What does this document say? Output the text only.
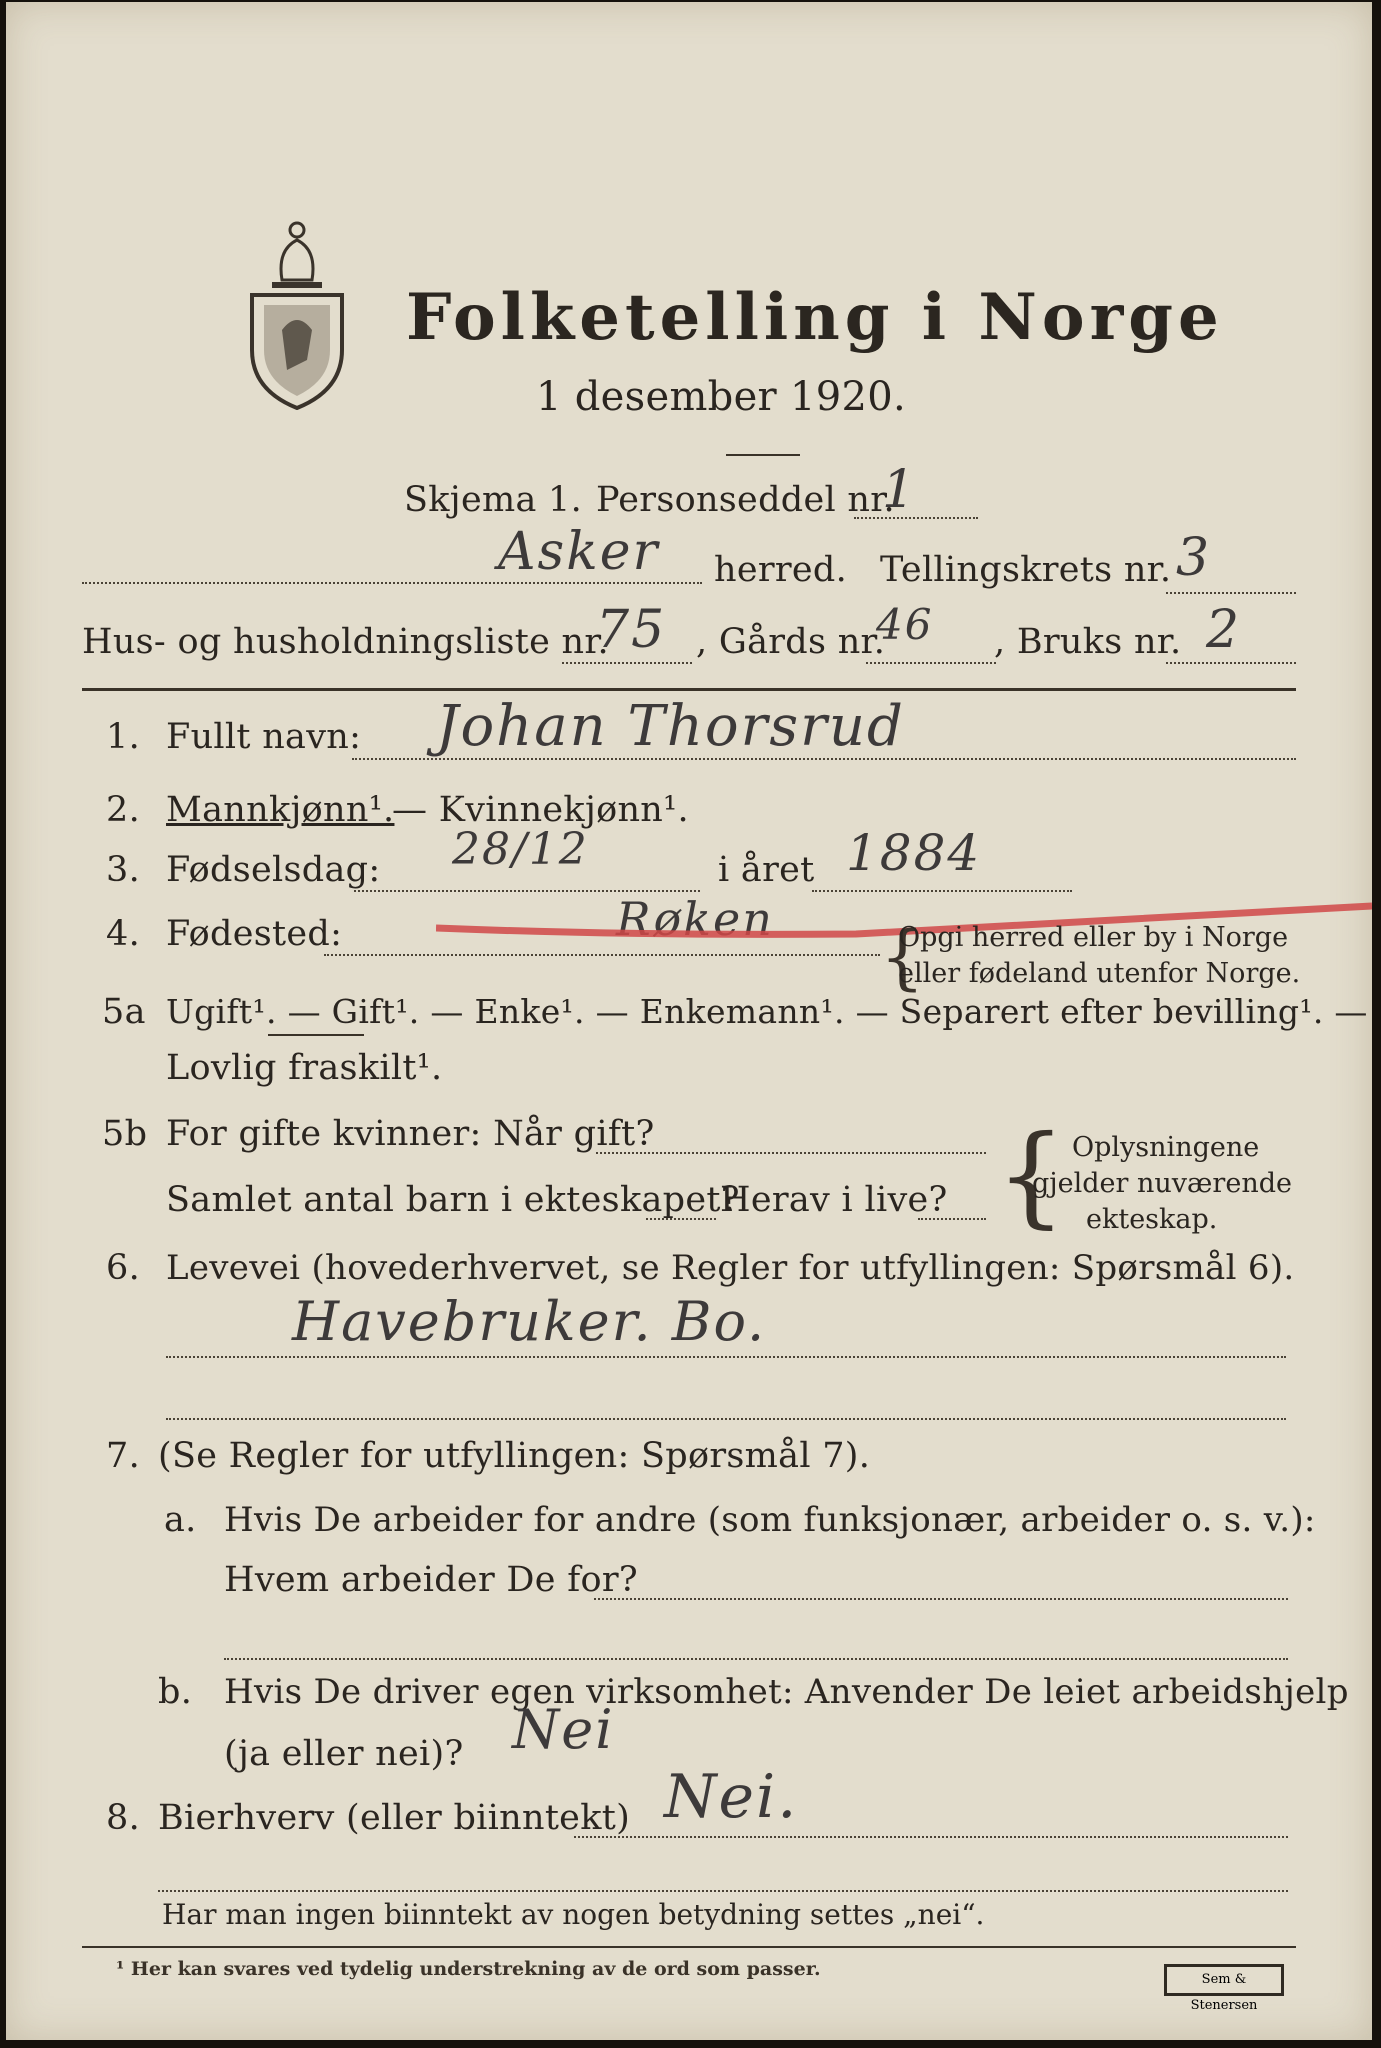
Folketelling i Norge
1 desember 1920.
Skjema 1. Personseddel nr.
1
Asker herred. Tellingskrets nr. 3
Hus- og husholdningsliste nr.
75 , Gårds nr.
46 , Bruks nr. 2
1. Fullt navn: Johan Thorsrud
2. Mannkjønn¹.
— Kvinnekjønn¹.
3. Fødselsdag: 28/12	i året 1884
4. Fødested:	Røken {
Opgi herred eller by i Norge
eller fødeland utenfor Norge.
5a Ugift¹. — Gift¹. — Enke¹. — Enkemann¹. — Separert efter bevilling¹. —
Lovlig fraskilt¹.
5b For gifte kvinner: Når gift?
Samlet antal barn i ekteskapet?
Herav i live? { Oplysningene
gjelder nuværende
ekteskap.
6. Levevei (hovederhvervet, se Regler for utfyllingen: Spørsmål 6).
Havebruker. Bo.
7. (Se Regler for utfyllingen: Spørsmål 7).
a. Hvis De arbeider for andre (som funksjonær, arbeider o. s. v.):
Hvem arbeider De for?
b. Hvis De driver egen virksomhet: Anvender De leiet arbeidshjelp
(ja eller nei)? Nei
8. Bierhverv (eller biinntekt) Nei.
Har man ingen biinntekt av nogen betydning settes „nei“.
¹ Her kan svares ved tydelig understrekning av de ord som passer.	Sem & Stenersen
